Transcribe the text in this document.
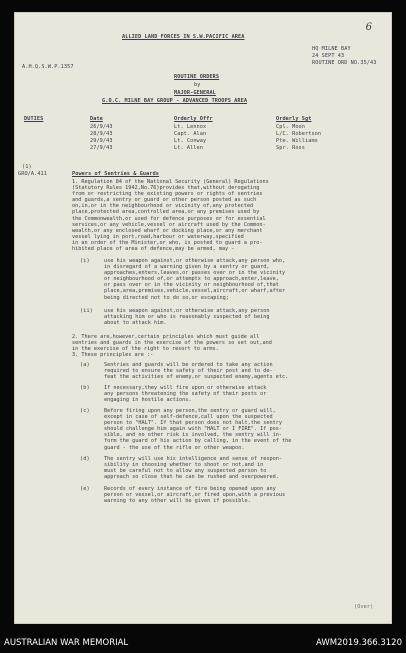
6
ALLIED LAND FORCES IN S.W.PACIFIC AREA
A.H.Q.S.W.P.1357
HQ MILNE BAY
24 SEPT 43
ROUTINE ORD NO.35/43
ROUTINE ORDERS
by
MAJOR-GENERAL
G.O.C. MILNE BAY GROUP - ADVANCED TROOPS AREA
DUTIES	Date	Orderly Offr	Orderly Sgt
26/9/43	Lt. Lennox	Cpl. Moon
28/9/43	Capt. Alan	L/C. Robertson
29/9/43	Lt. Conway	Pte. Williams
27/9/43	Lt. Allen	Spr. Ross
(1)
GRO/A.411	Powers of Sentries & Guards
1. Regulation 84 of the National Security (General) Regulations
(Statutory Rules 1942,No.76)provides that,without derogating
from or restricting the existing powers or rights of sentries
and guards,a sentry or guard or other person posted as such
on,in,or in the neighbourhood or vicinity of,any protected
place,protected area,controlled area,or any premises used by
the Commonwealth,or used for defence purposes or for essential
services,or any vehicle,vessel or aircraft used by the Common-
wealth,or any enclosed wharf or docking place,or any merchant
vessel lying in port,road,harbour or waterway,specified
in an order of the Minister,or who, is posted to guard a pro-
hibited place of area of defence,may be armed, may -
(i)	use his weapon against,or otherwise attack,any person who,
in disregard of a warning given by a sentry or guard,
approaches,enters,leaves,or passes over or in the vicinity
or neighbourhood of,or attempts to approach,enter,leave,
or pass over or in the vicinity or neighbourhood of,that
place,area,premises,vehicle,vessel,aircraft,or wharf,after
being directed not to do so,or escaping;
(ii) use his weapon against,or otherwise attack,any person
attacking him or who is reasonably suspected of being
about to attack him.
2. There are,however,certain principles which must guide all
sentries and guards in the exercise of the powers so set out,and
in the exercise of the right to resort to arms.
3. These principles are :-
(a)	Sentries and guards will be ordered to take any action
required to ensure the safety of their post and to de-
feat the activities of enemy,or suspected enemy,agents etc.
(b)	If necessary,they will fire upon or otherwise attack
any persons threatening the safety of their posts or
engaging in hostile actions.
(c)	Before firing upon any person,the sentry or guard will,
except in case of self-defence,call upon the suspected
person to "HALT". If that person does not halt,the sentry
should challenge him again with "HALT or I FIRE". If pos-
sible, and no other risk is involved, the sentry will in-
form the guard of his action by calling, in the event of the
guard - the use of the rifle or other weapon.
(d)	The sentry will use his intelligence and sense of respon-
sibility in choosing whether to shoot or not,and in
must be careful not to allow any suspected person to
approach so close that he can be rushed and overpowered.
(e)	Records of every instance of fire being opened upon any
person or vessel,or aircraft,or fired upon,with a previous
warning to any other will be given if possible.
(Over)
AUSTRALIAN WAR MEMORIAL	AWM2019.366.3120
